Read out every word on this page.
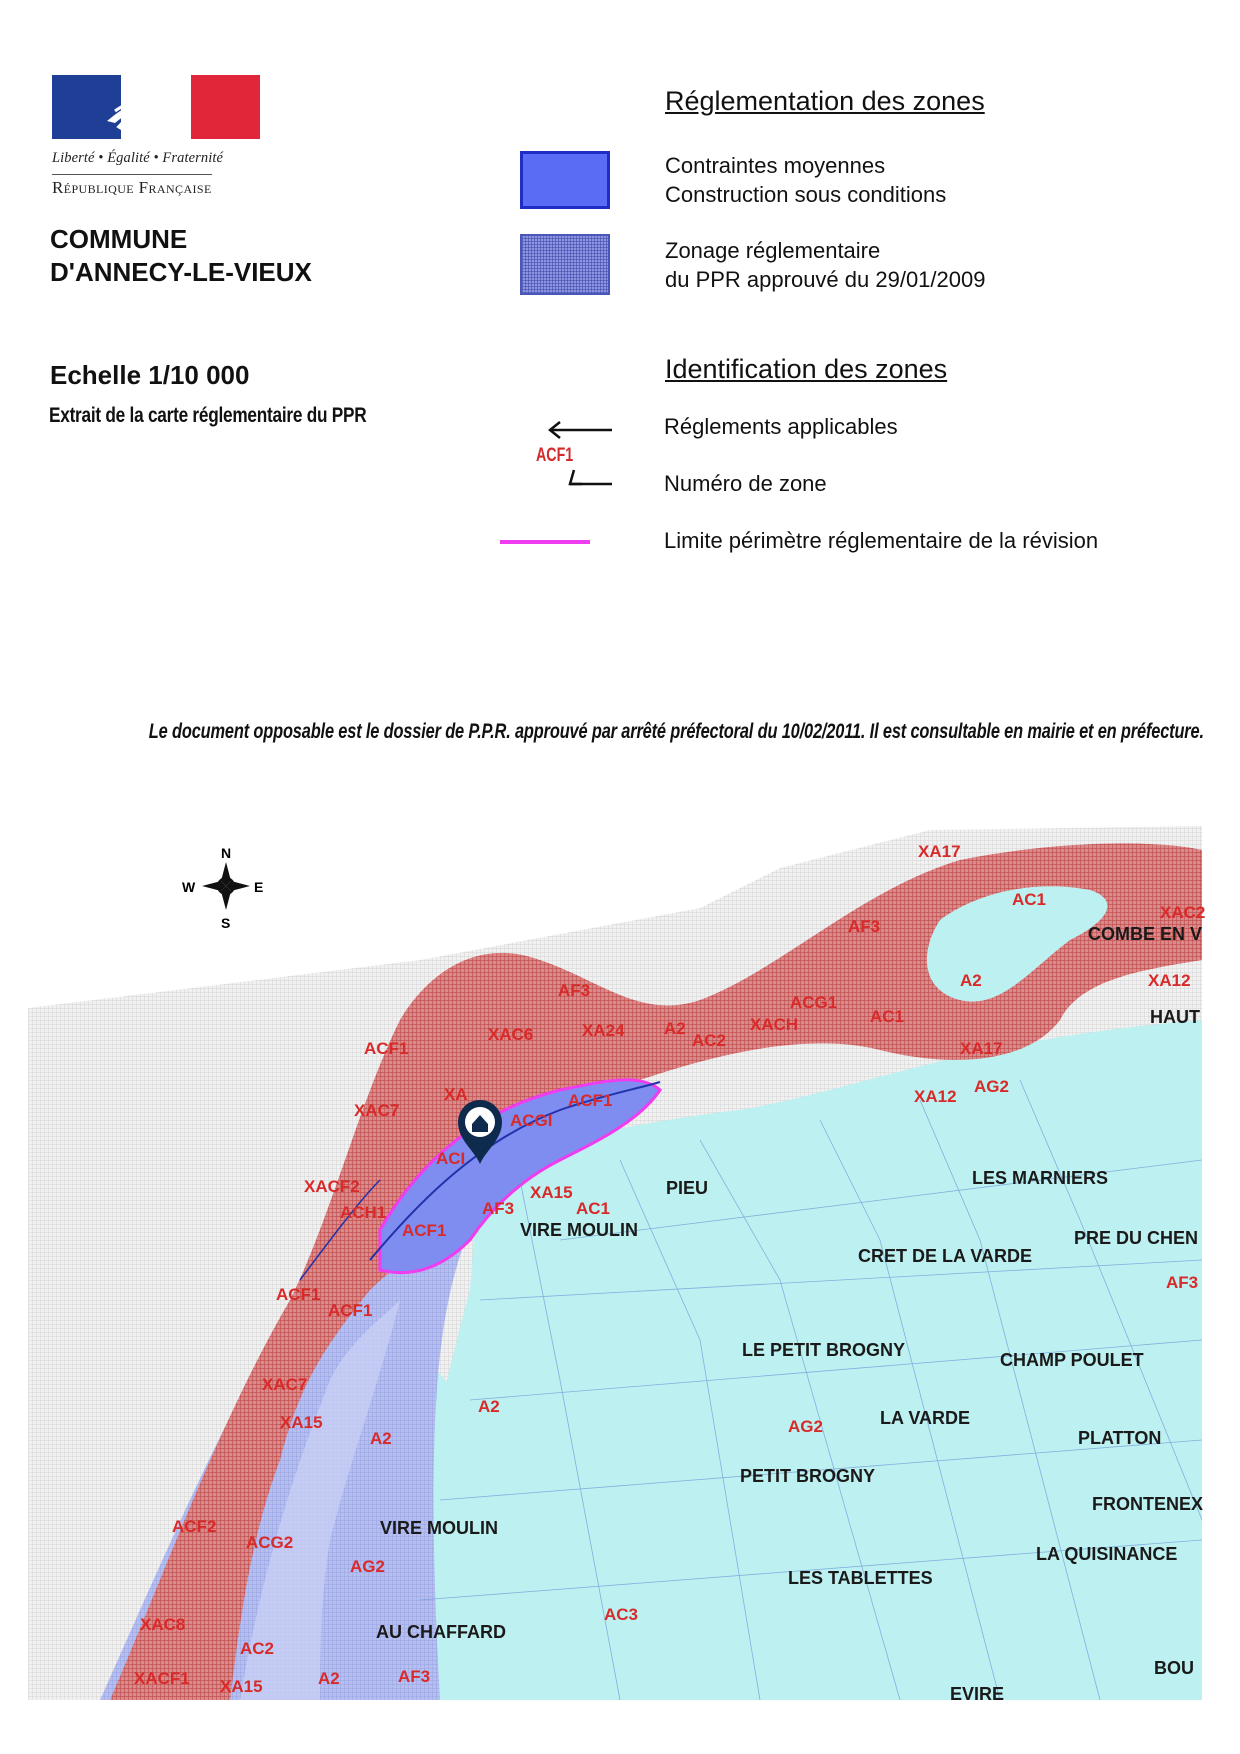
Liberté • Égalité • Fraternité
République Française
COMMUNE
D'ANNECY-LE-VIEUX
Echelle 1/10 000
Extrait de la carte réglementaire du PPR
Réglementation des zones
Contraintes moyennes
Construction sous conditions
Zonage réglementaire
du PPR approuvé du 29/01/2009
Identification des zones
ACF1
Réglements applicables
Numéro de zone
Limite périmètre réglementaire de la révision
Le document opposable est le dossier de P.P.R. approuvé par arrêté préfectoral du 10/02/2011. Il est consultable en mairie et en préfecture.
N
S
E
W
XA17
AC1
AF3
XAC2
COMBE EN V
A2	XA12
HAUT
ACG1
AC1
XACH
A2
AC2
XA24
XAC6
AF3
ACF1	XA17
XA12
AG2
XAC7
XA	ACF1
ACGI
ACI
XACF2
ACH1
XA15
AF3	AC1
ACF1
ACF1
ACF1
XAC7
XA15
A2
A2
ACF2
ACG2
AG2
XAC8
AC2
XACF1 XA15	A2	AF3
AC3
AG2
AF3
PIEU
VIRE MOULIN
LES MARNIERS
PRE DU CHEN
CRET DE LA VARDE
LE PETIT BROGNY	CHAMP POULET
LA VARDE
PLATTON
PETIT BROGNY
FRONTENEX
VIRE MOULIN
LA QUISINANCE
LES TABLETTES
AU CHAFFARD
BOU
EVIRE
